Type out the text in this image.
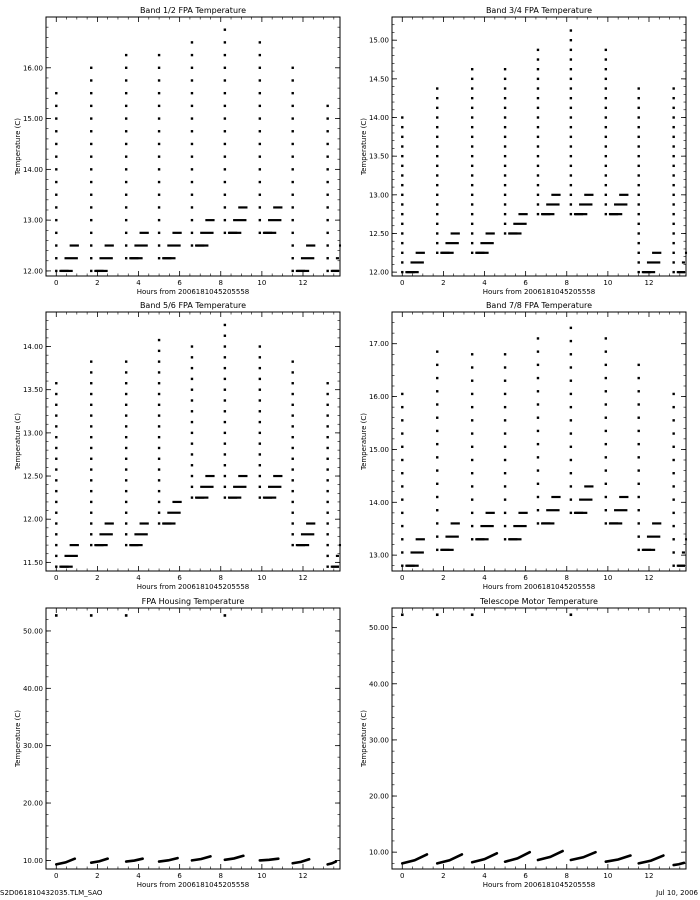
Band 1/2 FPA Temperature
0	2	4	6	8	10	12
12.00
13.00
14.00
15.00
16.00
Hours from 2006181045205558
Temperature (C)
Band 3/4 FPA Temperature
0	2	4	6	8	10	12
12.00
12.50
13.00
13.50
14.00
14.50
15.00
Hours from 2006181045205558
Temperature (C)
Band 5/6 FPA Temperature
0	2	4	6	8	10	12
11.50
12.00
12.50
13.00
13.50
14.00
Hours from 2006181045205558
Temperature (C)
Band 7/8 FPA Temperature
0	2	4	6	8	10	12
13.00
14.00
15.00
16.00
17.00
Hours from 2006181045205558
Temperature (C)
FPA Housing Temperature
0	2	4	6	8	10	12
10.00
20.00
30.00
40.00
50.00
Hours from 2006181045205558
Temperature (C)
Telescope Motor Temperature
0	2	4	6	8	10	12
10.00
20.00
30.00
40.00
50.00
Hours from 2006181045205558
Temperature (C)
S2D061810432035.TLM_SAO	Jul 10, 2006
